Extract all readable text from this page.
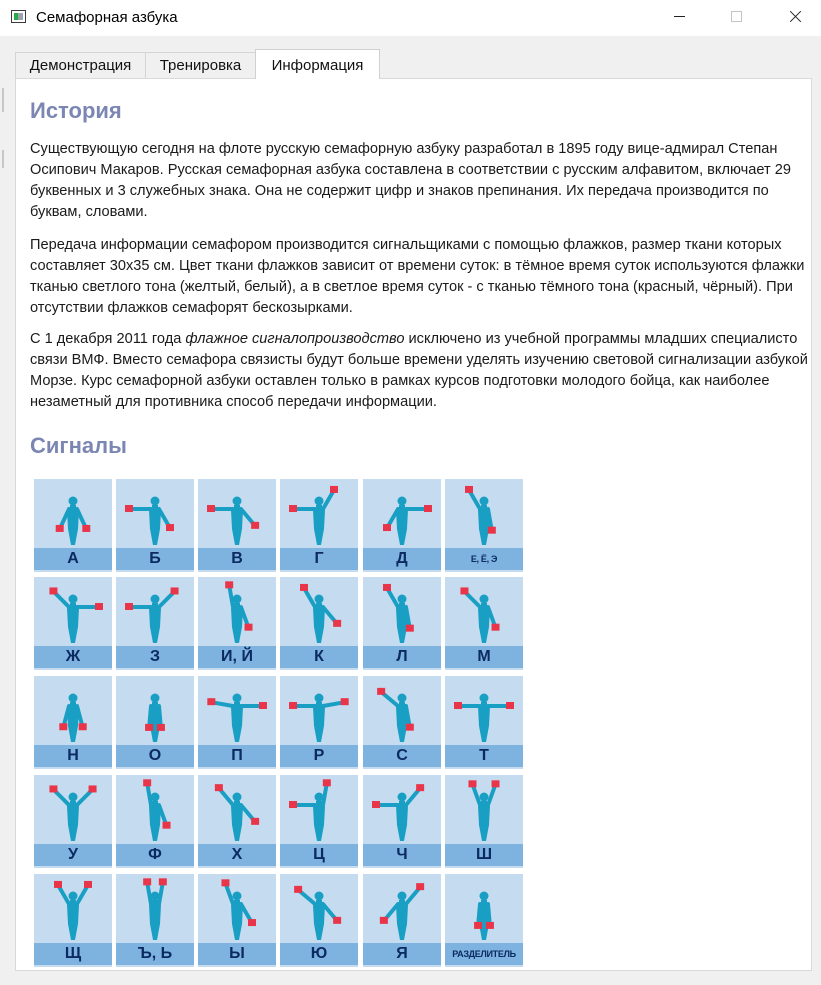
Семафорная азбука
Демонстрация	Тренировка	Информация
История

Существующую сегодня на флоте русскую семафорную азбуку разработал в 1895 году вице-адмирал Степан

Осипович Макаров. Русская семафорная азбука составлена в соответствии с русским алфавитом, включает 29

буквенных и 3 служебных знака. Она не содержит цифр и знаков препинания. Их передача производится по

буквам, словами.

Передача информации семафором производится сигнальщиками с помощью флажков, размер ткани которых

составляет 30х35 см. Цвет ткани флажков зависит от времени суток: в тёмное время суток используются флажки

тканью светлого тона (желтый, белый), а в светлое время суток - с тканью тёмного тона (красный, чёрный). При

отсутствии флажков семафорят бескозырками.

С 1 декабря 2011 года флажное сигналопроизводство исключено из учебной программы младших специалисто

связи ВМФ. Вместо семафора связисты будут больше времени уделять изучению световой сигнализации азбукой

Морзе. Курс семафорной азбуки оставлен только в рамках курсов подготовки молодого бойца, как наиболее

незаметный для противника способ передачи информации.

Сигналы
А	Б	В	Г	Д	Е, Ё, Э
Ж	З	И, Й	К	Л	М
Н	О	П	Р	С	Т
У	Ф	Х	Ц	Ч	Ш
Щ	Ъ, Ь	Ы	Ю	Я	РАЗДЕЛИТЕЛЬ
